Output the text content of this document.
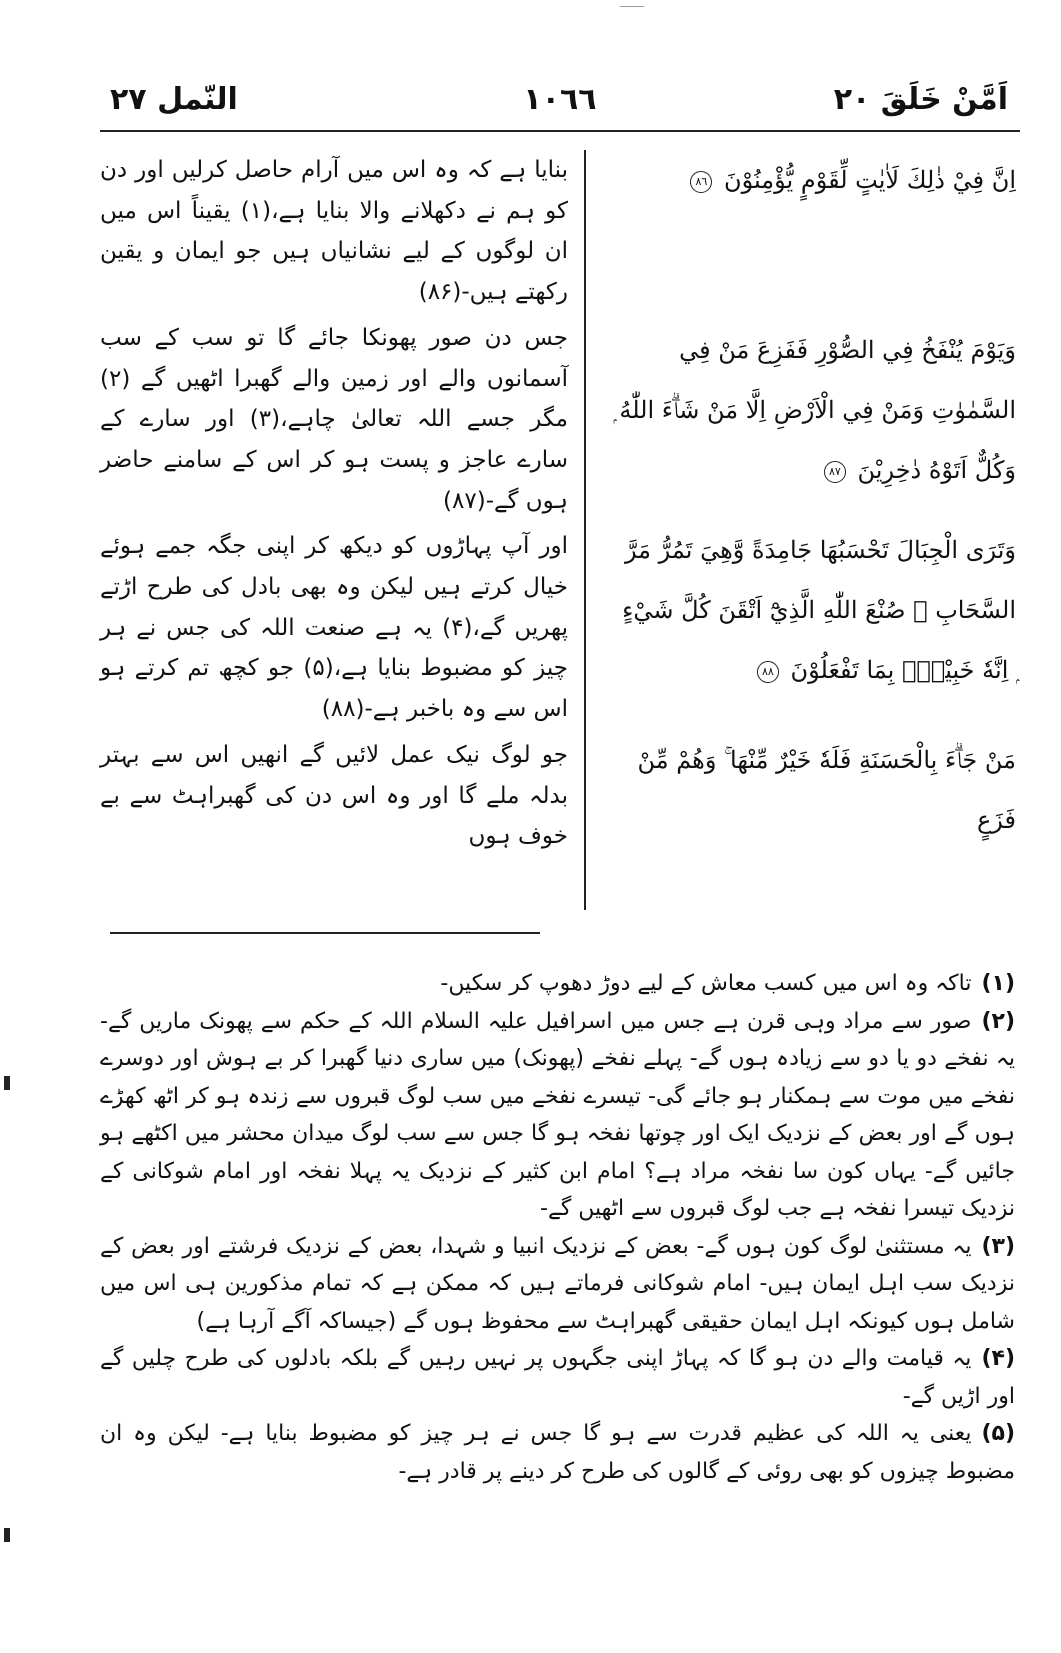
اَمَّنْ خَلَقَ ٢٠
١٠٦٦
النّمل ٢٧

اِنَّ فِيْ ذٰلِكَ لَاٰيٰتٍ لِّقَوْمٍ يُّؤْمِنُوْنَ ٨٦

وَيَوْمَ يُنْفَخُ فِي الصُّوْرِ فَفَزِعَ مَنْ فِي السَّمٰوٰتِ وَمَنْ فِي الْاَرْضِ اِلَّا مَنْ شَاۗءَ اللّٰهُ ۭ وَكُلٌّ اَتَوْهُ دٰخِرِيْنَ ٨٧

وَتَرَى الْجِبَالَ تَحْسَبُهَا جَامِدَةً وَّهِيَ تَمُرُّ مَرَّ السَّحَابِ ۭ صُنْعَ اللّٰهِ الَّذِيْٓ اَتْقَنَ كُلَّ شَيْءٍ ۭ اِنَّهٗ خَبِيْرٌۢ بِمَا تَفْعَلُوْنَ ٨٨

مَنْ جَاۗءَ بِالْحَسَنَةِ فَلَهٗ خَيْرٌ مِّنْهَا ۚ وَهُمْ مِّنْ فَزَعٍ

بنایا ہے کہ وہ اس میں آرام حاصل کرلیں اور دن کو ہم نے دکھلانے والا بنایا ہے،(۱) یقیناً اس میں ان لوگوں کے لیے نشانیاں ہیں جو ایمان و یقین رکھتے ہیں-(۸۶)

جس دن صور پھونکا جائے گا تو سب کے سب آسمانوں والے اور زمین والے گھبرا اٹھیں گے (۲) مگر جسے اللہ تعالیٰ چاہے،(۳) اور سارے کے سارے عاجز و پست ہو کر اس کے سامنے حاضر ہوں گے-(۸۷)

اور آپ پہاڑوں کو دیکھ کر اپنی جگہ جمے ہوئے خیال کرتے ہیں لیکن وہ بھی بادل کی طرح اڑتے پھریں گے،(۴) یہ ہے صنعت اللہ کی جس نے ہر چیز کو مضبوط بنایا ہے،(۵) جو کچھ تم کرتے ہو اس سے وہ باخبر ہے-(۸۸)

جو لوگ نیک عمل لائیں گے انھیں اس سے بہتر بدلہ ملے گا اور وہ اس دن کی گھبراہٹ سے بے خوف ہوں

(۱)تاکہ وہ اس میں کسب معاش کے لیے دوڑ دھوپ کر سکیں-

(۲)صور سے مراد وہی قرن ہے جس میں اسرافیل علیہ السلام اللہ کے حکم سے پھونک ماریں گے- یہ نفخے دو یا دو سے زیادہ ہوں گے- پہلے نفخے (پھونک) میں ساری دنیا گھبرا کر بے ہوش اور دوسرے نفخے میں موت سے ہمکنار ہو جائے گی- تیسرے نفخے میں سب لوگ قبروں سے زندہ ہو کر اٹھ کھڑے ہوں گے اور بعض کے نزدیک ایک اور چوتھا نفخہ ہو گا جس سے سب لوگ میدان محشر میں اکٹھے ہو جائیں گے- یہاں کون سا نفخہ مراد ہے؟ امام ابن کثیر کے نزدیک یہ پہلا نفخہ اور امام شوکانی کے نزدیک تیسرا نفخہ ہے جب لوگ قبروں سے اٹھیں گے-

(۳)یہ مستثنیٰ لوگ کون ہوں گے- بعض کے نزدیک انبیا و شہدا، بعض کے نزدیک فرشتے اور بعض کے نزدیک سب اہل ایمان ہیں- امام شوکانی فرماتے ہیں کہ ممکن ہے کہ تمام مذکورین ہی اس میں شامل ہوں کیونکہ اہل ایمان حقیقی گھبراہٹ سے محفوظ ہوں گے (جیساکہ آگے آرہا ہے)

(۴)یہ قیامت والے دن ہو گا کہ پہاڑ اپنی جگہوں پر نہیں رہیں گے بلکہ بادلوں کی طرح چلیں گے اور اڑیں گے-

(۵)یعنی یہ اللہ کی عظیم قدرت سے ہو گا جس نے ہر چیز کو مضبوط بنایا ہے- لیکن وہ ان مضبوط چیزوں کو بھی روئی کے گالوں کی طرح کر دینے پر قادر ہے-
